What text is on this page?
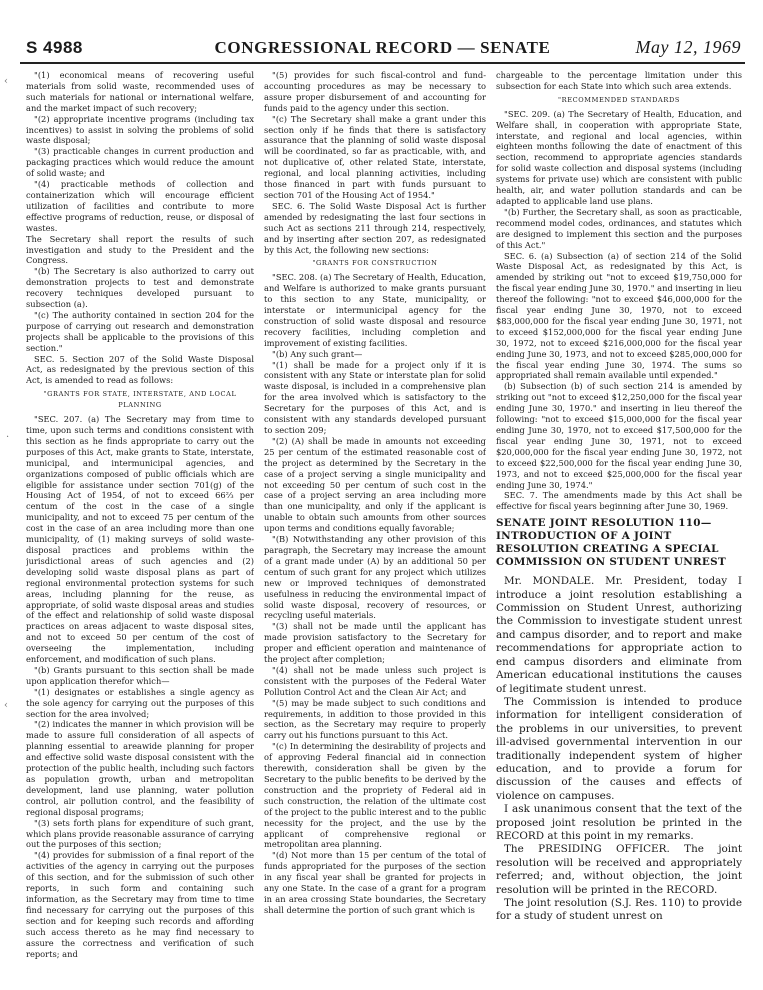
S 4988	CONGRESSIONAL RECORD — SENATE	May 12, 1969
‹
·
‹

"(1) economical means of recovering useful materials from solid waste, recommended uses of such materials for national or international welfare, and the market impact of such recovery;

"(2) appropriate incentive programs (including tax incentives) to assist in solving the problems of solid waste disposal;

"(3) practicable changes in current production and packaging practices which would reduce the amount of solid waste; and

"(4) practicable methods of collection and containerization which will encourage efficient utilization of facilities and contribute to more effective programs of reduction, reuse, or disposal of wastes.

The Secretary shall report the results of such investigation and study to the President and the Congress.

"(b) The Secretary is also authorized to carry out demonstration projects to test and demonstrate recovery techniques developed pursuant to subsection (a).

"(c) The authority contained in section 204 for the purpose of carrying out research and demonstration projects shall be applicable to the provisions of this section."

SEC. 5. Section 207 of the Solid Waste Disposal Act, as redesignated by the previous section of this Act, is amended to read as follows:

"GRANTS FOR STATE, INTERSTATE, AND LOCAL PLANNING

"SEC. 207. (a) The Secretary may from time to time, upon such terms and conditions consistent with this section as he finds appropriate to carry out the purposes of this Act, make grants to State, interstate, municipal, and intermunicipal agencies, and organizations composed of public officials which are eligible for assistance under section 701(g) of the Housing Act of 1954, of not to exceed 66⅔ per centum of the cost in the case of a single municipality, and not to exceed 75 per centum of the cost in the case of an area including more than one municipality, of (1) making surveys of solid waste-disposal practices and problems within the jurisdictional areas of such agencies and (2) developing solid waste disposal plans as part of regional environmental protection systems for such areas, including planning for the reuse, as appropriate, of solid waste disposal areas and studies of the effect and relationship of solid waste disposal practices on areas adjacent to waste disposal sites, and not to exceed 50 per centum of the cost of overseeing the implementation, including enforcement, and modification of such plans.

"(b) Grants pursuant to this section shall be made upon application therefor which—

"(1) designates or establishes a single agency as the sole agency for carrying out the purposes of this section for the area involved;

"(2) indicates the manner in which provision will be made to assure full consideration of all aspects of planning essential to areawide planning for proper and effective solid waste disposal consistent with the protection of the public health, including such factors as population growth, urban and metropolitan development, land use planning, water pollution control, air pollution control, and the feasibility of regional disposal programs;

"(3) sets forth plans for expenditure of such grant, which plans provide reasonable assurance of carrying out the purposes of this section;

"(4) provides for submission of a final report of the activities of the agency in carrying out the purposes of this section, and for the submission of such other reports, in such form and containing such information, as the Secretary may from time to time find necessary for carrying out the purposes of this section and for keeping such records and affording such access thereto as he may find necessary to assure the correctness and verification of such reports; and

"(5) provides for such fiscal-control and fund-accounting procedures as may be necessary to assure proper disbursement of and accounting for funds paid to the agency under this section.

"(c) The Secretary shall make a grant under this section only if he finds that there is satisfactory assurance that the planning of solid waste disposal will be coordinated, so far as practicable, with, and not duplicative of, other related State, interstate, regional, and local planning activities, including those financed in part with funds pursuant to section 701 of the Housing Act of 1954."

SEC. 6. The Solid Waste Disposal Act is further amended by redesignating the last four sections in such Act as sections 211 through 214, respectively, and by inserting after section 207, as redesignated by this Act, the following new sections:

"GRANTS FOR CONSTRUCTION

"SEC. 208. (a) The Secretary of Health, Education, and Welfare is authorized to make grants pursuant to this section to any State, municipality, or interstate or intermunicipal agency for the construction of solid waste disposal and resource recovery facilities, including completion and improvement of existing facilities.

"(b) Any such grant—

"(1) shall be made for a project only if it is consistent with any State or interstate plan for solid waste disposal, is included in a comprehensive plan for the area involved which is satisfactory to the Secretary for the purposes of this Act, and is consistent with any standards developed pursuant to section 209;

"(2) (A) shall be made in amounts not exceeding 25 per centum of the estimated reasonable cost of the project as determined by the Secretary in the case of a project serving a single municipality and not exceeding 50 per centum of such cost in the case of a project serving an area including more than one municipality, and only if the applicant is unable to obtain such amounts from other sources upon terms and conditions equally favorable;

"(B) Notwithstanding any other provision of this paragraph, the Secretary may increase the amount of a grant made under (A) by an additional 50 per centum of such grant for any project which utilizes new or improved techniques of demonstrated usefulness in reducing the environmental impact of solid waste disposal, recovery of resources, or recycling useful materials.

"(3) shall not be made until the applicant has made provision satisfactory to the Secretary for proper and efficient operation and maintenance of the project after completion;

"(4) shall not be made unless such project is consistent with the purposes of the Federal Water Pollution Control Act and the Clean Air Act; and

"(5) may be made subject to such conditions and requirements, in addition to those provided in this section, as the Secretary may require to properly carry out his functions pursuant to this Act.

"(c) In determining the desirability of projects and of approving Federal financial aid in connection therewith, consideration shall be given by the Secretary to the public benefits to be derived by the construction and the propriety of Federal aid in such construction, the relation of the ultimate cost of the project to the public interest and to the public necessity for the project, and the use by the applicant of comprehensive regional or metropolitan area planning.

"(d) Not more than 15 per centum of the total of funds appropriated for the purposes of the section in any fiscal year shall be granted for projects in any one State. In the case of a grant for a program in an area crossing State boundaries, the Secretary shall determine the portion of such grant which is

chargeable to the percentage limitation under this subsection for each State into which such area extends.

"RECOMMENDED STANDARDS

"SEC. 209. (a) The Secretary of Health, Education, and Welfare shall, in cooperation with appropriate State, interstate, and regional and local agencies, within eighteen months following the date of enactment of this section, recommend to appropriate agencies standards for solid waste collection and disposal systems (including systems for private use) which are consistent with public health, air, and water pollution standards and can be adapted to applicable land use plans.

"(b) Further, the Secretary shall, as soon as practicable, recommend model codes, ordinances, and statutes which are designed to implement this section and the purposes of this Act."

SEC. 6. (a) Subsection (a) of section 214 of the Solid Waste Disposal Act, as redesignated by this Act, is amended by striking out "not to exceed $19,750,000 for the fiscal year ending June 30, 1970." and inserting in lieu thereof the following: "not to exceed $46,000,000 for the fiscal year ending June 30, 1970, not to exceed $83,000,000 for the fiscal year ending June 30, 1971, not to exceed $152,000,000 for the fiscal year ending June 30, 1972, not to exceed $216,000,000 for the fiscal year ending June 30, 1973, and not to exceed $285,000,000 for the fiscal year ending June 30, 1974. The sums so appropriated shall remain available until expended."

(b) Subsection (b) of such section 214 is amended by striking out "not to exceed $12,250,000 for the fiscal year ending June 30, 1970." and inserting in lieu thereof the following: "not to exceed $15,000,000 for the fiscal year ending June 30, 1970, not to exceed $17,500,000 for the fiscal year ending June 30, 1971, not to exceed $20,000,000 for the fiscal year ending June 30, 1972, not to exceed $22,500,000 for the fiscal year ending June 30, 1973, and not to exceed $25,000,000 for the fiscal year ending June 30, 1974."

SEC. 7. The amendments made by this Act shall be effective for fiscal years beginning after June 30, 1969.

SENATE JOINT RESOLUTION 110—INTRODUCTION OF A JOINT RESOLUTION CREATING A SPECIAL COMMISSION ON STUDENT UNREST

Mr. MONDALE. Mr. President, today I introduce a joint resolution establishing a Commission on Student Unrest, authorizing the Commission to investigate student unrest and campus disorder, and to report and make recommendations for appropriate action to end campus disorders and eliminate from American educational institutions the causes of legitimate student unrest.

The Commission is intended to produce information for intelligent consideration of the problems in our universities, to prevent ill-advised governmental intervention in our traditionally independent system of higher education, and to provide a forum for discussion of the causes and effects of violence on campuses.

I ask unanimous consent that the text of the proposed joint resolution be printed in the RECORD at this point in my remarks.

The PRESIDING OFFICER. The joint resolution will be received and appropriately referred; and, without objection, the joint resolution will be printed in the RECORD.

The joint resolution (S.J. Res. 110) to provide for a study of student unrest on
